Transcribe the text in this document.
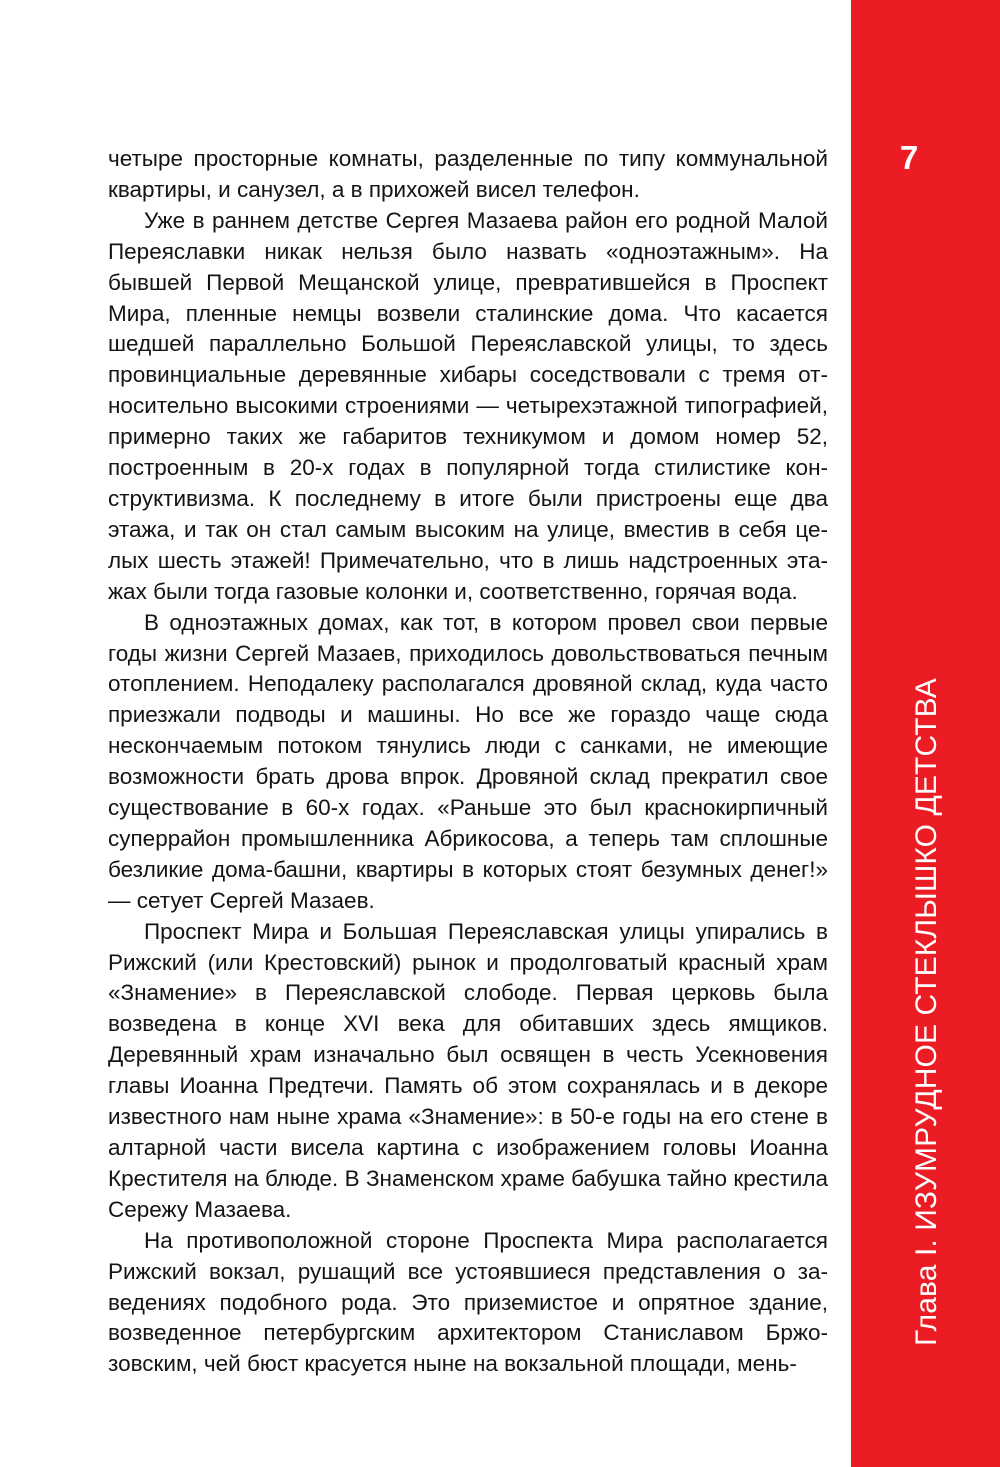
четыре просторные комнаты, разделенные по типу коммунальной квартиры, и санузел, а в прихожей висел телефон.

Уже в раннем детстве Сергея Мазаева район его родной Малой Переяславки никак нельзя было назвать «одноэтажным». На бывшей Первой Мещанской улице, превратившейся в Проспект Мира, пленные немцы возвели сталинские дома. Что касается шедшей параллельно Большой Переяславской улицы, то здесь провинциальные деревянные хибары соседствовали с тремя относительно высокими строениями — четырехэтажной типографией, примерно таких же габаритов техникумом и домом номер 52, построенным в 20-х годах в популярной тогда стилистике конструктивизма. К последнему в итоге были пристроены еще два этажа, и так он стал самым высоким на улице, вместив в себя целых шесть этажей! Примечательно, что в лишь надстроенных этажах были тогда газовые колонки и, соответственно, горячая вода.

В одноэтажных домах, как тот, в котором провел свои первые годы жизни Сергей Мазаев, приходилось довольствоваться печным отоплением. Неподалеку располагался дровяной склад, куда часто приезжали подводы и машины. Но все же гораздо чаще сюда нескончаемым потоком тянулись люди с санками, не имеющие возможности брать дрова впрок. Дровяной склад прекратил свое существование в 60-х годах. «Раньше это был краснокирпичный суперрайон промышленника Абрикосова, а теперь там сплошные безликие дома-башни, квартиры в которых стоят безумных денег!» — сетует Сергей Мазаев.

Проспект Мира и Большая Переяславская улицы упирались в Рижский (или Крестовский) рынок и продолговатый красный храм «Знамение» в Переяславской слободе. Первая церковь была возведена в конце XVI века для обитавших здесь ямщиков. Деревянный храм изначально был освящен в честь Усекновения главы Иоанна Предтечи. Память об этом сохранялась и в декоре известного нам ныне храма «Знамение»: в 50-е годы на его стене в алтарной части висела картина с изображением головы Иоанна Крестителя на блюде. В Знаменском храме бабушка тайно крестила Сережу Мазаева.

На противоположной стороне Проспекта Мира располагается Рижский вокзал, рушащий все устоявшиеся представления о заведениях подобного рода. Это приземистое и опрятное здание, возведенное петербургским архитектором Станиславом Бржозовским, чей бюст красуется ныне на вокзальной площади, мень-

7
Глава I. ИЗУМРУДНОЕ СТЕКЛЫШКО ДЕТСТВА
